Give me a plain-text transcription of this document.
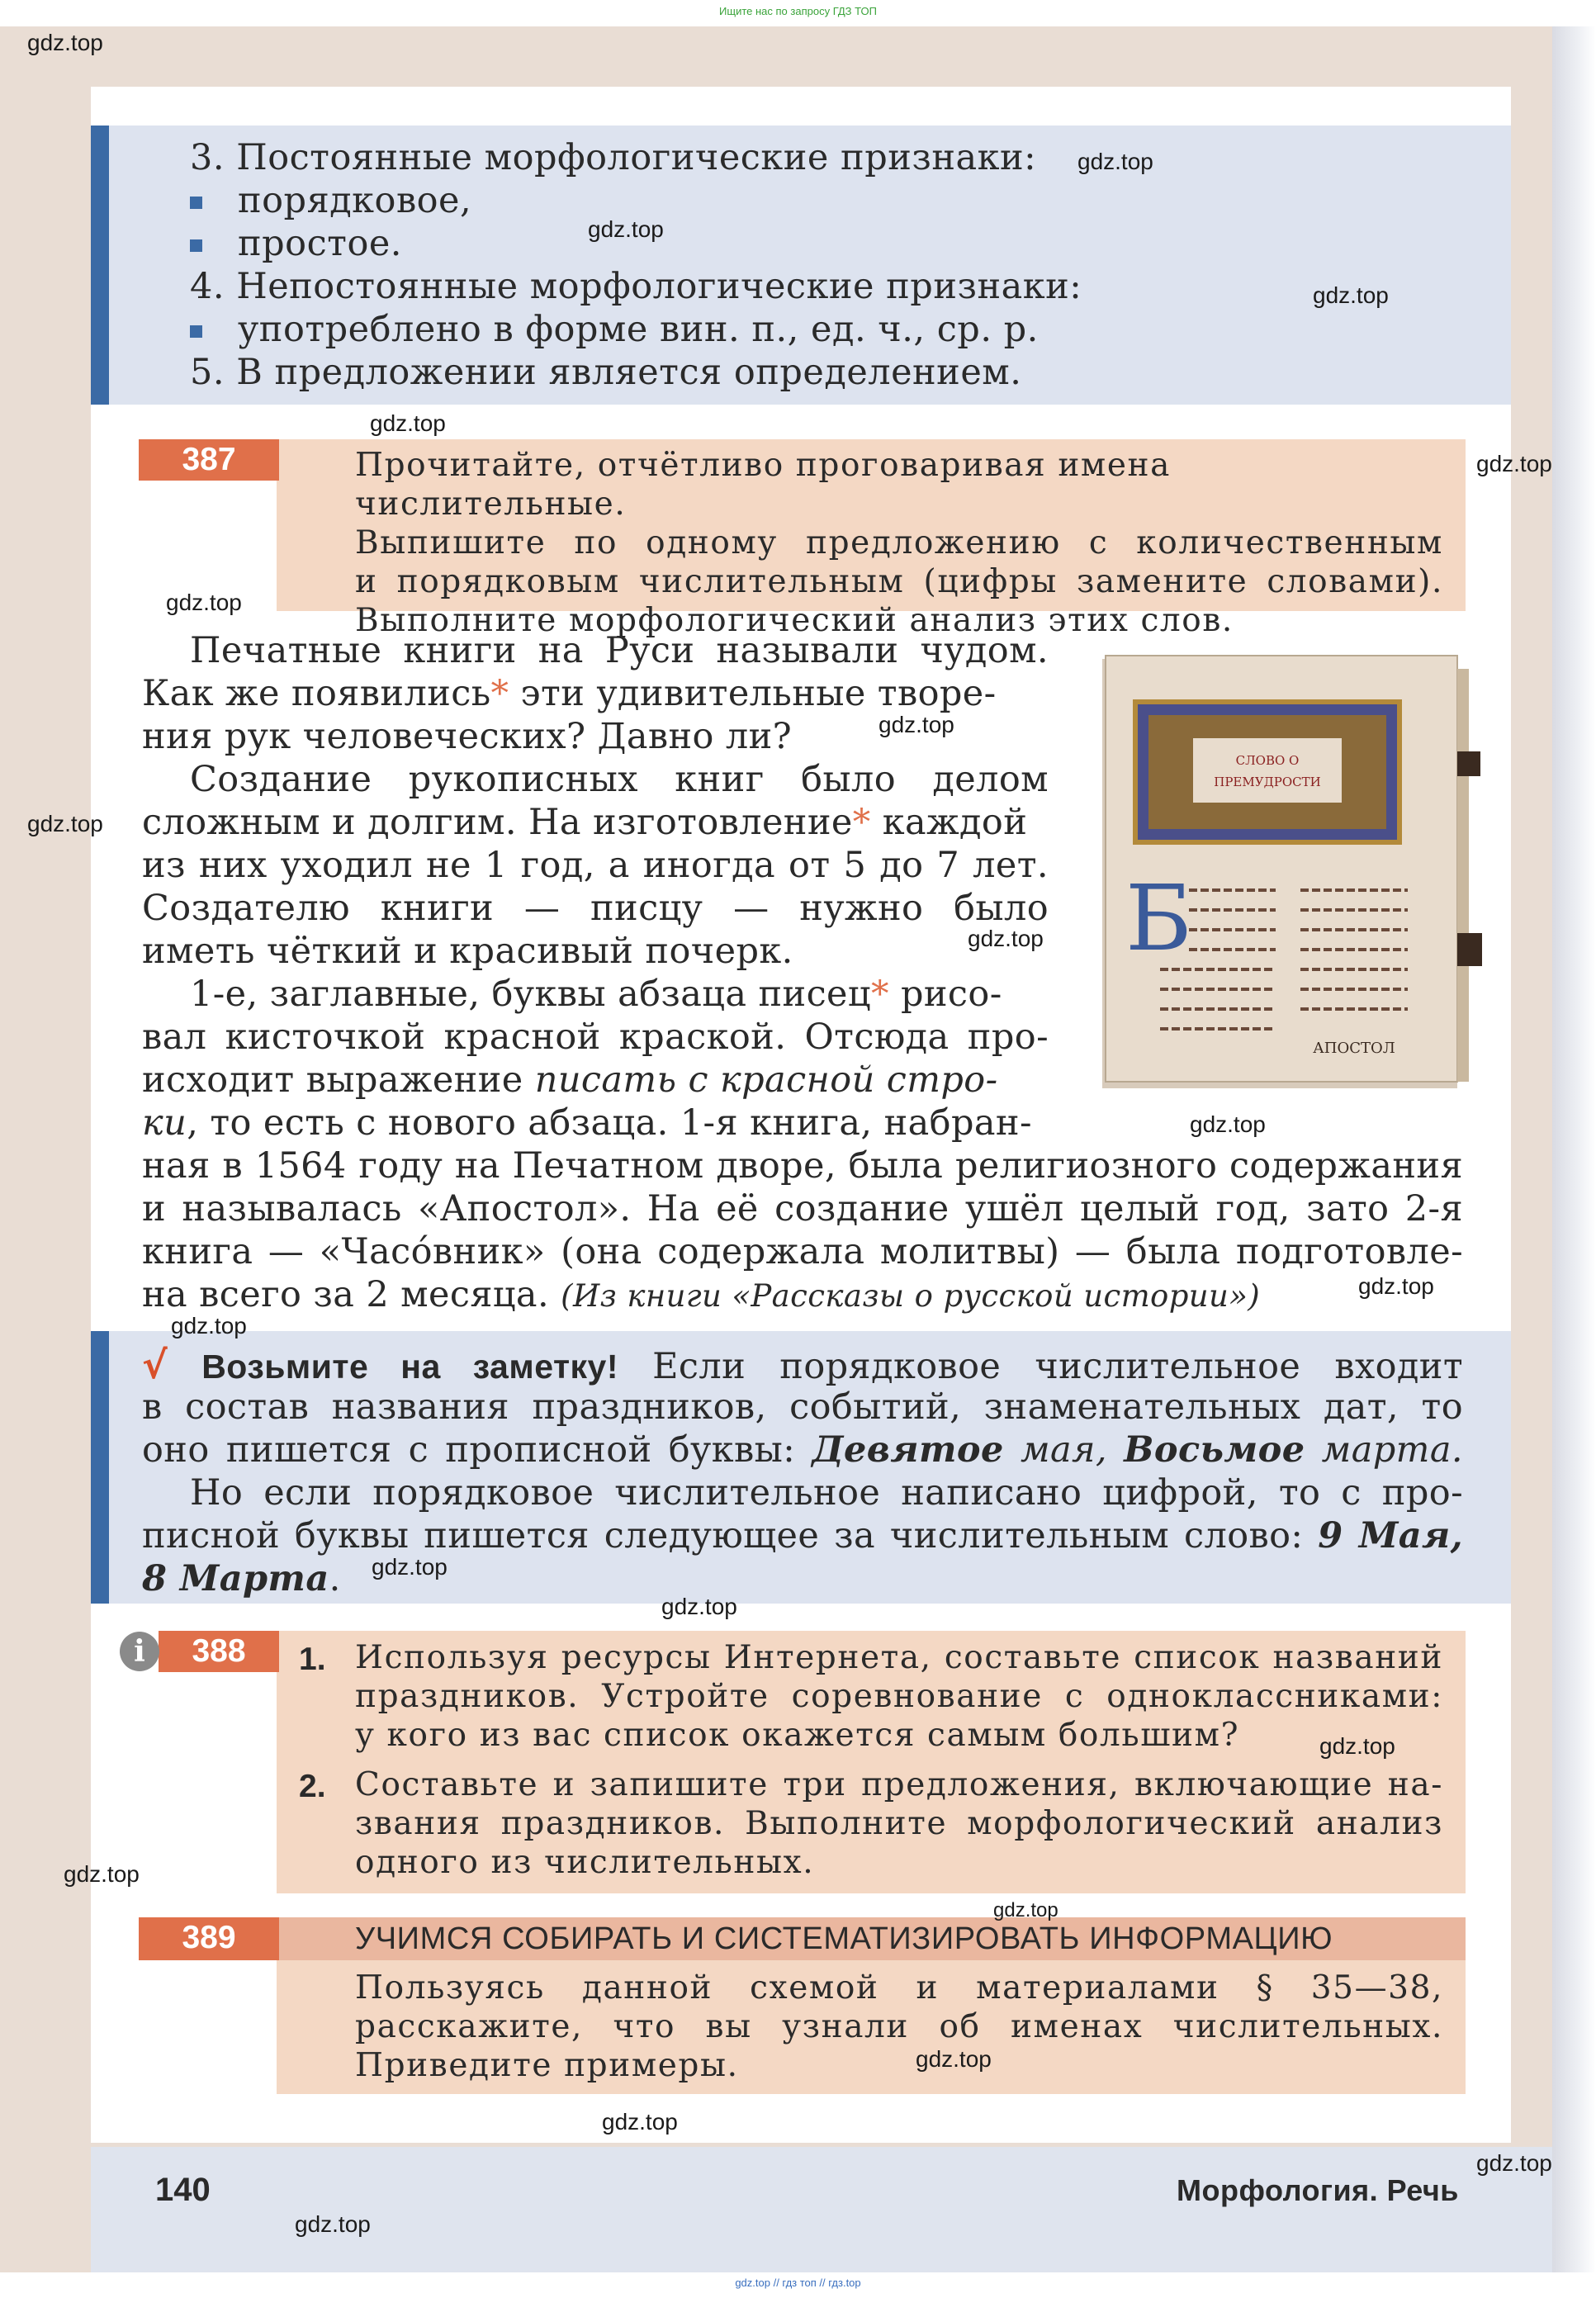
Ищите нас по запросу ГДЗ ТОП
gdz.top // гдз топ // гдз.top
3. Постоянные морфологические признаки:
порядковое,
простое.
4. Непостоянные морфологические признаки:
употреблено в форме вин. п., ед. ч., ср. р.
5. В предложении является определением.
387	Прочитайте, отчётливо проговаривая имена числительные.
Выпишите по одному предложению с количественным
и порядковым числительным (цифры замените словами).
Выполните морфологический анализ этих слов.
Печатные книги на Руси называли чудом.
Как же появились* эти удивительные творе-
ния рук человеческих? Давно ли?
Создание рукописных книг было делом
сложным и долгим. На изготовление* каждой
из них уходил не 1 год, а иногда от 5 до 7 лет.
Создателю книги — писцу — нужно было
иметь чёткий и красивый почерк.
1-е, заглавные, буквы абзаца писец* рисо-
вал кисточкой красной краской. Отсюда про-
исходит выражение писать с красной стро-
ки, то есть с нового абзаца. 1-я книга, набран-
ная в 1564 году на Печатном дворе, была религиозного содержания
и называлась «Апостол». На её создание ушёл целый год, зато 2-я
книга — «Часо́вник» (она содержала молитвы) — была подготовле-
на всего за 2 месяца. (Из книги «Рассказы о русской истории»)
СЛОВО О
ПРЕМУДРОСТИ
Б
АПОСТОЛ
√ Возьмите на заметку! Если порядковое числительное входит
в состав названия праздников, событий, знаменательных дат, то
оно пишется с прописной буквы: Девятое мая, Восьмое марта.
Но если порядковое числительное написано цифрой, то с про-
писной буквы пишется следующее за числительным слово: 9 Мая,
8 Марта.
388
i	1. Используя ресурсы Интернета, составьте список названий
праздников. Устройте соревнование с одноклассниками:
у кого из вас список окажется самым большим?
2. Составьте и запишите три предложения, включающие на-
звания праздников. Выполните морфологический анализ
одного из числительных.
389	УЧИМСЯ СОБИРАТЬ И СИСТЕМАТИЗИРОВАТЬ ИНФОРМАЦИЮ
Пользуясь данной схемой и материалами § 35—38,
расскажите, что вы узнали об именах числительных.
Приведите примеры.
140	Морфология. Речь
gdz.top
gdz.top
gdz.top
gdz.top
gdz.top
gdz.top
gdz.top
gdz.top
gdz.top
gdz.top
gdz.top
gdz.top
gdz.top
gdz.top
gdz.top
gdz.top
gdz.top
gdz.top
gdz.top
gdz.top
gdz.top
gdz.top
